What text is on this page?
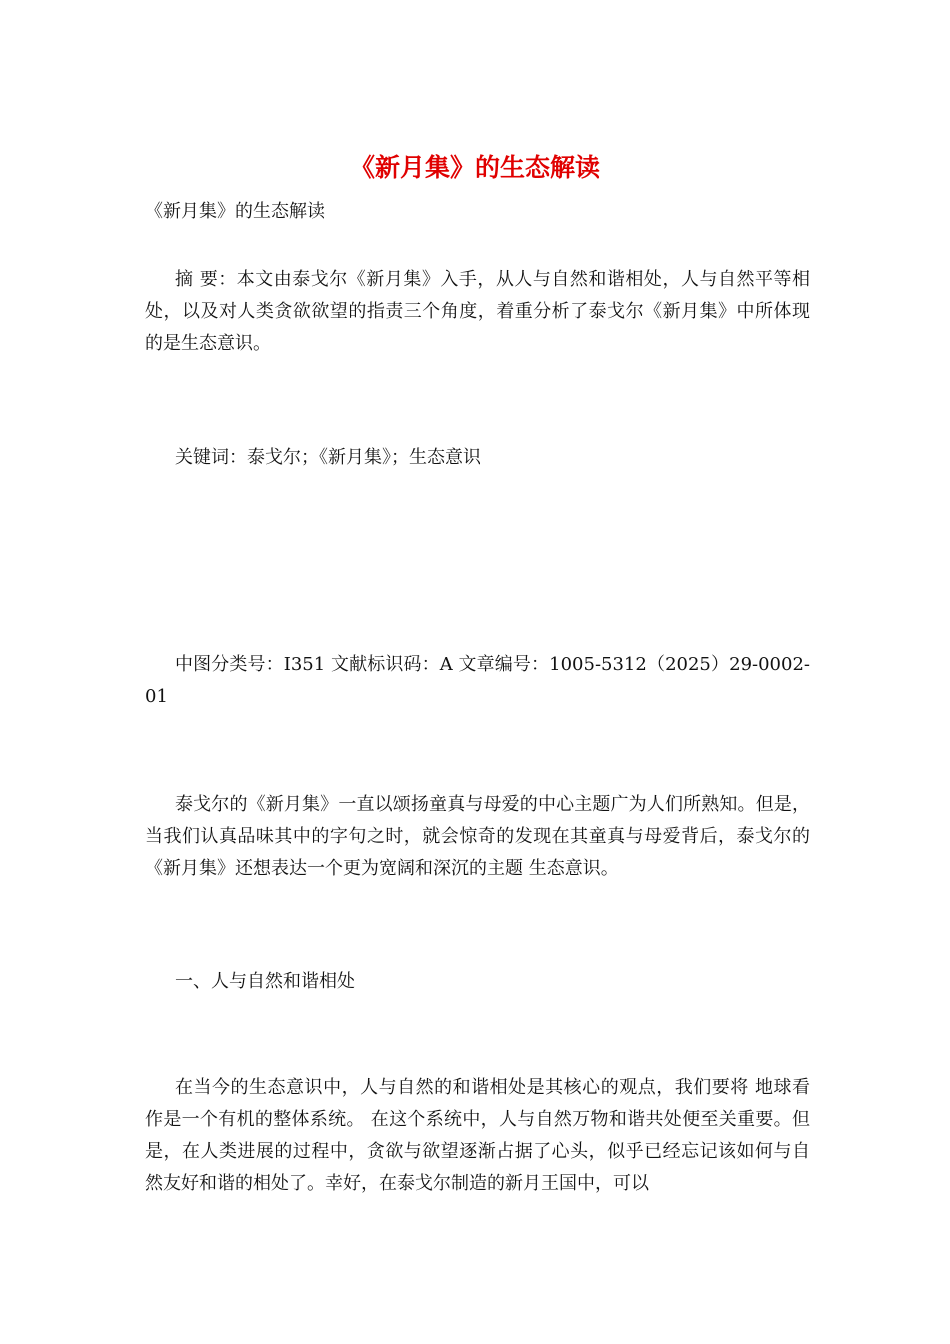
《新月集》的生态解读

《新月集》的生态解读

摘 要：本文由泰戈尔《新月集》入手，从人与自然和谐相处，人与自然平等相处，以及对人类贪欲欲望的指责三个角度，着重分析了泰戈尔《新月集》中所体现的是生态意识。

关键词：泰戈尔；《新月集》；生态意识

中图分类号：I351 文献标识码：A 文章编号：1005-5312（2025）29-0002-01

泰戈尔的《新月集》一直以颂扬童真与母爱的中心主题广为人们所熟知。但是，当我们认真品味其中的字句之时，就会惊奇的发现在其童真与母爱背后，泰戈尔的《新月集》还想表达一个更为宽阔和深沉的主题 生态意识。

一、人与自然和谐相处

在当今的生态意识中，人与自然的和谐相处是其核心的观点，我们要将 地球看作是一个有机的整体系统。 在这个系统中，人与自然万物和谐共处便至关重要。但是，在人类进展的过程中，贪欲与欲望逐渐占据了心头，似乎已经忘记该如何与自然友好和谐的相处了。幸好，在泰戈尔制造的新月王国中，可以
